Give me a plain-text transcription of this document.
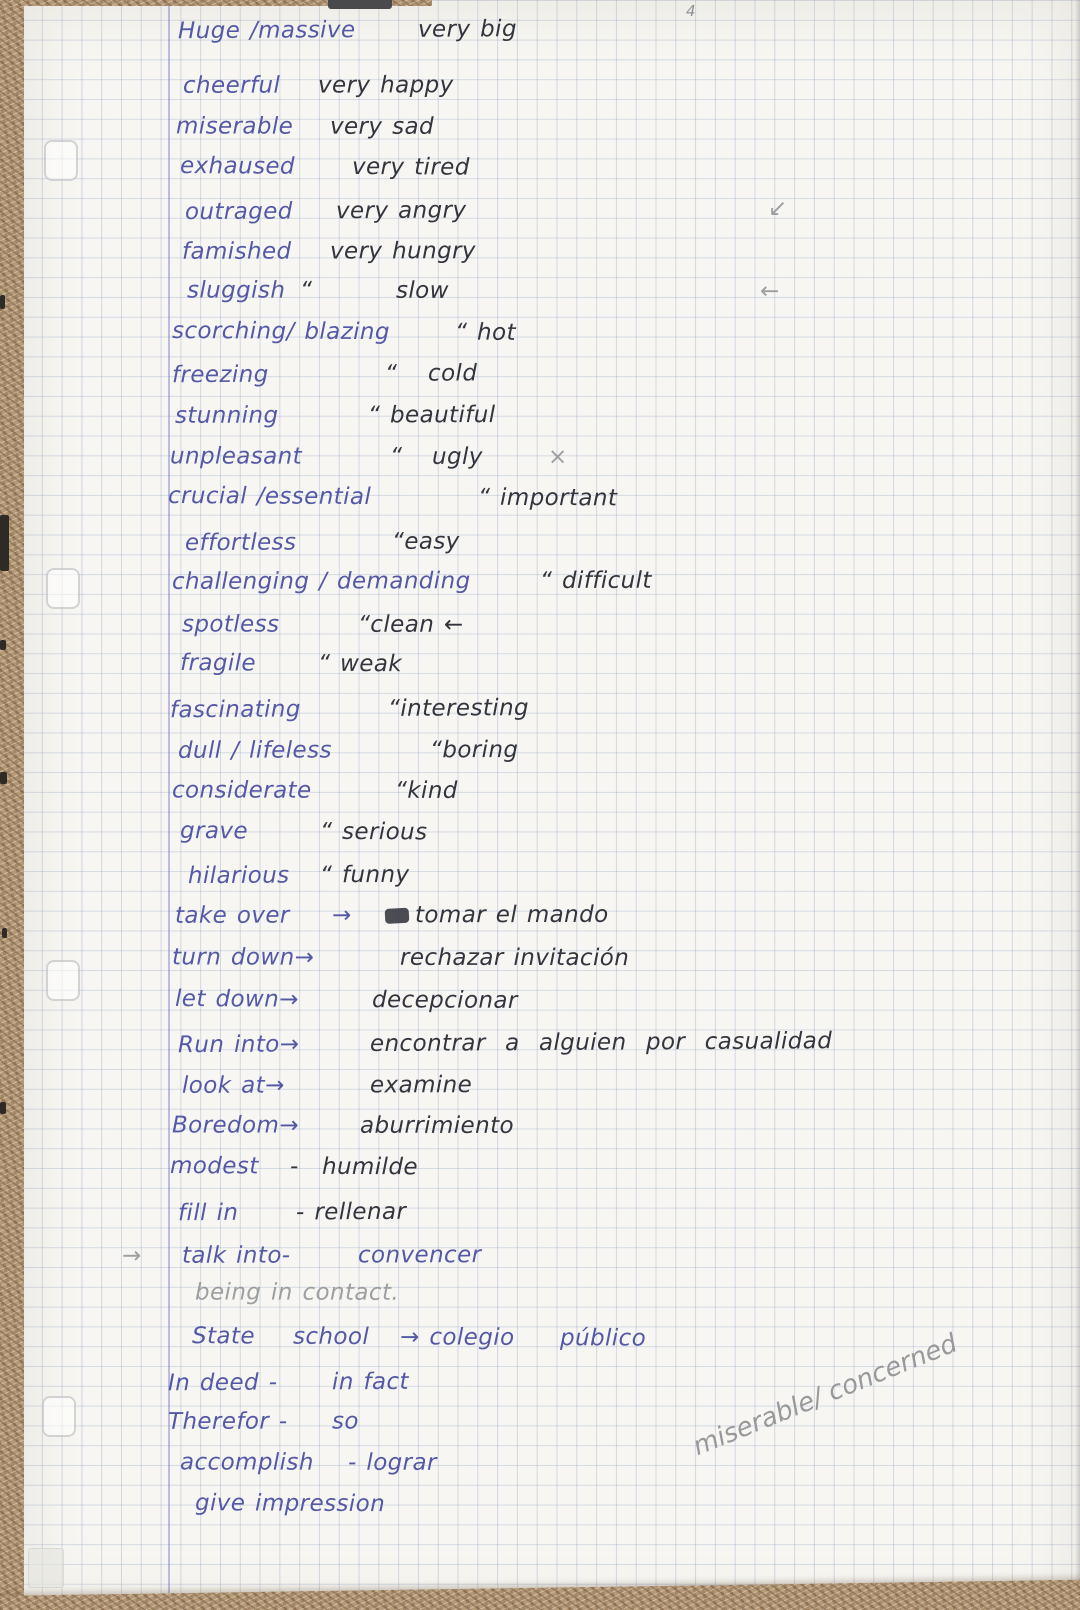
Huge /massive	very big
cheerful very happy
miserable very sad
exhaused very tired
outraged very angry	↙
famished very hungry
sluggish “	slow	←
scorching/ blazing	“ hot
freezing	“ cold
stunning	“ beautiful
unpleasant	“ ugly	×
crucial /essential	“ important
effortless	“easy
challenging / demanding	“ difficult
spotless	“clean ←
fragile	“ weak
fascinating	“interesting
dull / lifeless	“boring
considerate	“kind
grave	“ serious
hilarious “ funny
take over →	tomar el mando
turn down→	rechazar invitación
let down→	decepcionar
Run into→	encontrar  a  alguien  por  casualidad
look at→	examine
Boredom→	aburrimiento
modest - humilde
fill in - rellenar
→ talk into-	convencer
being in contact.
State school → colegio público
In deed - in fact
Therefor - so
accomplish - lograr
give impression
4
miserable/ concerned
